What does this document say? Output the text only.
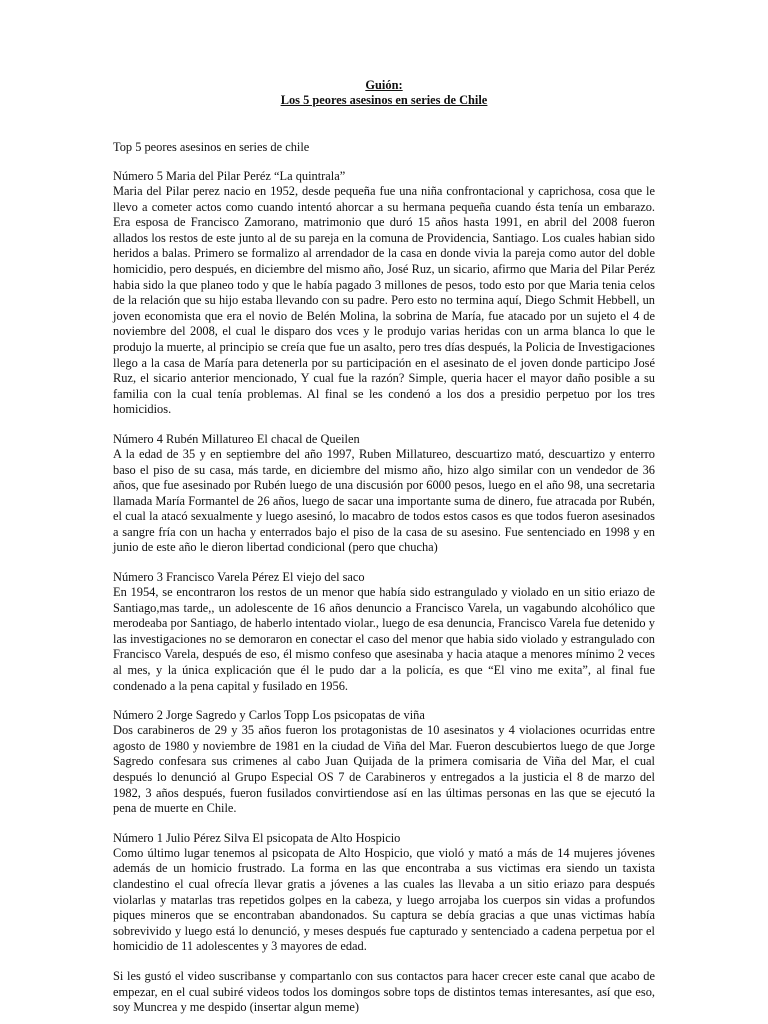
Guión:
Los 5 peores asesinos en series de Chile

Top 5 peores asesinos en series de chile

Número 5 Maria del Pilar Peréz “La quintrala”
Maria del Pilar perez nacio en 1952, desde pequeña fue una niña confrontacional y caprichosa, cosa que le llevo a cometer actos como cuando intentó ahorcar a su hermana pequeña cuando ésta tenía un embarazo. Era esposa de Francisco Zamorano, matrimonio que duró 15 años hasta 1991, en abril del 2008 fueron allados los restos de este junto al de su pareja en la comuna de Providencia, Santiago. Los cuales habian sido heridos a balas. Primero se formalizo al arrendador de la casa en donde vivia la pareja como autor del doble homicidio, pero después, en diciembre del mismo año, José Ruz, un sicario, afirmo que Maria del Pilar Peréz habia sido la que planeo todo y que le había pagado 3 millones de pesos, todo esto por que Maria tenia celos de la relación que su hijo estaba llevando con su padre. Pero esto no termina aquí, Diego Schmit Hebbell, un joven economista que era el novio de Belén Molina, la sobrina de María, fue atacado por un sujeto el 4 de noviembre del 2008, el cual le disparo dos vces y le produjo varias heridas con un arma blanca lo que le produjo la muerte, al principio se creía que fue un asalto, pero tres días después, la Policia de Investigaciones llego a la casa de María para detenerla por su participación en el asesinato de el joven donde participo José Ruz, el sicario anterior mencionado, Y cual fue la razón? Simple, queria hacer el mayor daño posible a su familia con la cual tenía problemas. Al final se les condenó a los dos a presidio perpetuo por los tres homicidios.
Número 4 Rubén Millatureo El chacal de Queilen
A la edad de 35 y en septiembre del año 1997, Ruben Millatureo, descuartizo mató, descuartizo y enterro baso el piso de su casa, más tarde, en diciembre del mismo año, hizo algo similar con un vendedor de 36 años, que fue asesinado por Rubén luego de una discusión por 6000 pesos, luego en el año 98, una secretaria llamada María Formantel de 26 años, luego de sacar una importante suma de dinero, fue atracada por Rubén, el cual la atacó sexualmente y luego asesinó, lo macabro de todos estos casos es que todos fueron asesinados a sangre fría con un hacha y enterrados bajo el piso de la casa de su asesino. Fue sentenciado en 1998 y en junio de este año le dieron libertad condicional (pero que chucha)
Número 3 Francisco Varela Pérez El viejo del saco
En 1954, se encontraron los restos de un menor que había sido estrangulado y violado en un sitio eriazo de Santiago,mas tarde,, un adolescente de 16 años denuncio a Francisco Varela, un vagabundo alcohólico que merodeaba por Santiago, de haberlo intentado violar., luego de esa denuncia, Francisco Varela fue detenido y las investigaciones no se demoraron en conectar el caso del menor que habia sido violado y estrangulado con Francisco Varela, después de eso, él mismo confeso que asesinaba y hacia ataque a menores mínimo 2 veces al mes, y la única explicación que él le pudo dar a la policía, es que “El vino me exita”, al final fue condenado a la pena capital y fusilado en 1956.
Número 2 Jorge Sagredo y Carlos Topp Los psicopatas de viña
Dos carabineros de 29 y 35 años fueron los protagonistas de 10 asesinatos y 4 violaciones ocurridas entre agosto de 1980 y noviembre de 1981 en la ciudad de Viña del Mar. Fueron descubiertos luego de que Jorge Sagredo confesara sus crimenes al cabo Juan Quijada de la primera comisaria de Viña del Mar, el cual después lo denunció al Grupo Especial OS 7 de Carabineros y entregados a la justicia el 8 de marzo del 1982, 3 años después, fueron fusilados convirtiendose así en las últimas personas en las que se ejecutó la pena de muerte en Chile.
Número 1 Julio Pérez Silva El psicopata de Alto Hospicio
Como último lugar tenemos al psicopata de Alto Hospicio, que violó y mató a más de 14 mujeres jóvenes además de un homicio frustrado. La forma en las que encontraba a sus victimas era siendo un taxista clandestino el cual ofrecía llevar gratis a jóvenes a las cuales las llevaba a un sitio eriazo para después violarlas y matarlas tras repetidos golpes en la cabeza, y luego arrojaba los cuerpos sin vidas a profundos piques mineros que se encontraban abandonados. Su captura se debía gracias a que unas victimas había sobrevivido y luego está lo denunció, y meses después fue capturado y sentenciado a cadena perpetua por el homicidio de 11 adolescentes y 3 mayores de edad.
Si les gustó el video suscribanse y compartanlo con sus contactos para hacer crecer este canal que acabo de empezar, en el cual subiré videos todos los domingos sobre tops de distintos temas interesantes, así que eso, soy Muncrea y me despido (insertar algun meme)
